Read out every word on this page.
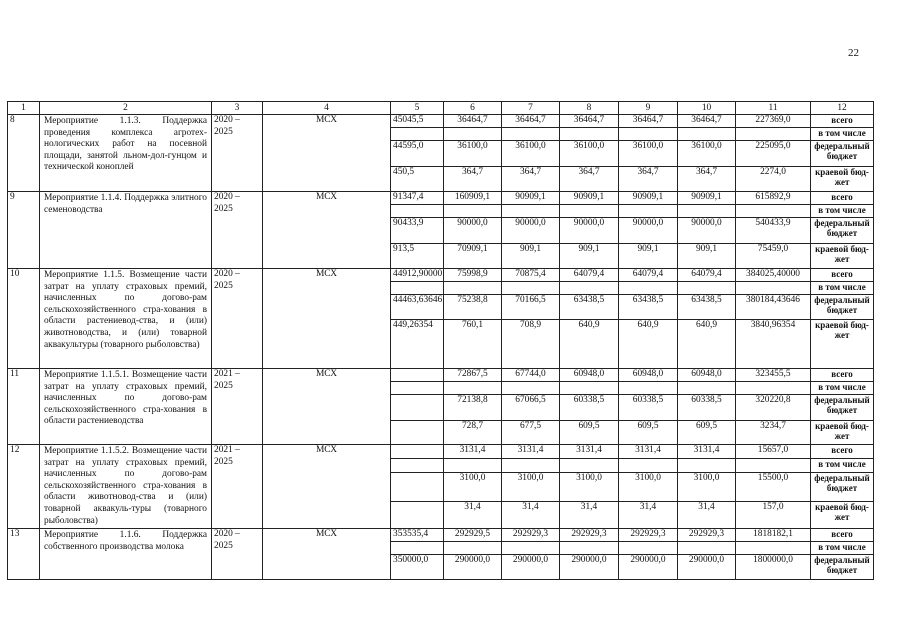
22
1	2	3	4	5	6	7	8	9	10	11	12
8	Мероприятие 1.1.3. Поддержка проведения комплекса агротех-нологических работ на посевной площади, занятой льном-дол-гунцом и технической коноплей	2020 – 2025	МСХ	45045,5	36464,7	36464,7	36464,7	36464,7	36464,7	227369,0	всего
											в том числе
				44595,0	36100,0	36100,0	36100,0	36100,0	36100,0	225095,0	федеральный бюджет
				450,5	364,7	364,7	364,7	364,7	364,7	2274,0	краевой бюд-жет
9	Мероприятие 1.1.4. Поддержка элитного семеноводства	2020 – 2025	МСХ	91347,4	160909,1	90909,1	90909,1	90909,1	90909,1	615892,9	всего
											в том числе
				90433,9	90000,0	90000,0	90000,0	90000,0	90000,0	540433,9	федеральный бюджет
				913,5	70909,1	909,1	909,1	909,1	909,1	75459,0	краевой бюд-жет
10	Мероприятие 1.1.5. Возмещение части затрат на уплату страховых премий, начисленных по догово-рам сельскохозяйственного стра-хования в области растениевод-ства, и (или) животноводства, и (или) товарной аквакультуры (товарного рыболовства)	2020 – 2025	МСХ	44912,90000	75998,9	70875,4	64079,4	64079,4	64079,4	384025,40000	всего
											в том числе
				44463,63646	75238,8	70166,5	63438,5	63438,5	63438,5	380184,43646	федеральный бюджет
				449,26354	760,1	708,9	640,9	640,9	640,9	3840,96354	краевой бюд-жет
11	Мероприятие 1.1.5.1. Возмещение части затрат на уплату страховых премий, начисленных по догово-рам сельскохозяйственного стра-хования в области растениеводства	2021 – 2025	МСХ		72867,5	67744,0	60948,0	60948,0	60948,0	323455,5	всего
											в том числе
					72138,8	67066,5	60338,5	60338,5	60338,5	320220,8	федеральный бюджет
					728,7	677,5	609,5	609,5	609,5	3234,7	краевой бюд-жет
12	Мероприятие 1.1.5.2. Возмещение части затрат на уплату страховых премий, начисленных по догово-рам сельскохозяйственного стра-хования в области животновод-ства и (или) товарной аквакуль-туры (товарного рыболовства)	2021 – 2025	МСХ		3131,4	3131,4	3131,4	3131,4	3131,4	15657,0	всего
											в том числе
					3100,0	3100,0	3100,0	3100,0	3100,0	15500,0	федеральный бюджет
					31,4	31,4	31,4	31,4	31,4	157,0	краевой бюд-жет
13	Мероприятие 1.1.6. Поддержка собственного производства молока	2020 – 2025	МСХ	353535,4	292929,5	292929,3	292929,3	292929,3	292929,3	1818182,1	всего
											в том числе
				350000,0	290000,0	290000,0	290000,0	290000,0	290000,0	1800000,0	федеральный бюджет
